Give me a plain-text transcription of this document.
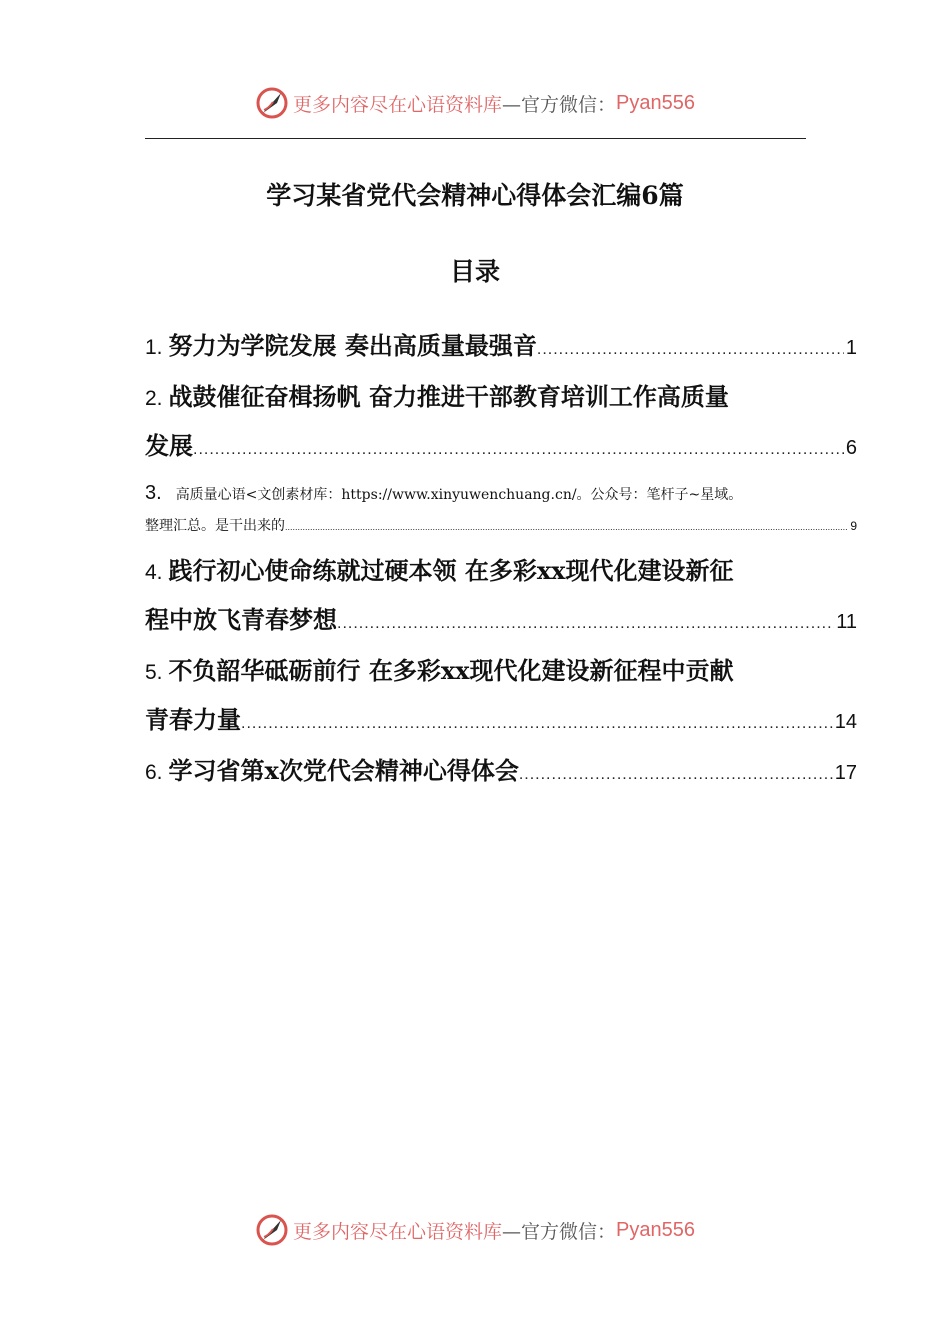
更多内容尽在心语资料库 —官方微信： Pyan556
学习某省党代会精神心得体会汇编6篇
目录
1. 努力为学院发展 奏出高质量最强音 .....	1
2. 战鼓催征奋楫扬帆 奋力推进干部教育培训工作高质量
发展 .....	6
3. 高质量心语<文创素材库：https://www.xinyuwenchuang.cn/。公众号：笔杆子~星域。
整理汇总。是干出来的 .....	9
4. 践行初心使命练就过硬本领 在多彩xx现代化建设新征
程中放飞青春梦想 .....	11
5. 不负韶华砥砺前行 在多彩xx现代化建设新征程中贡献
青春力量 .....	14
6. 学习省第x次党代会精神心得体会 .....	17
更多内容尽在心语资料库 —官方微信： Pyan556
